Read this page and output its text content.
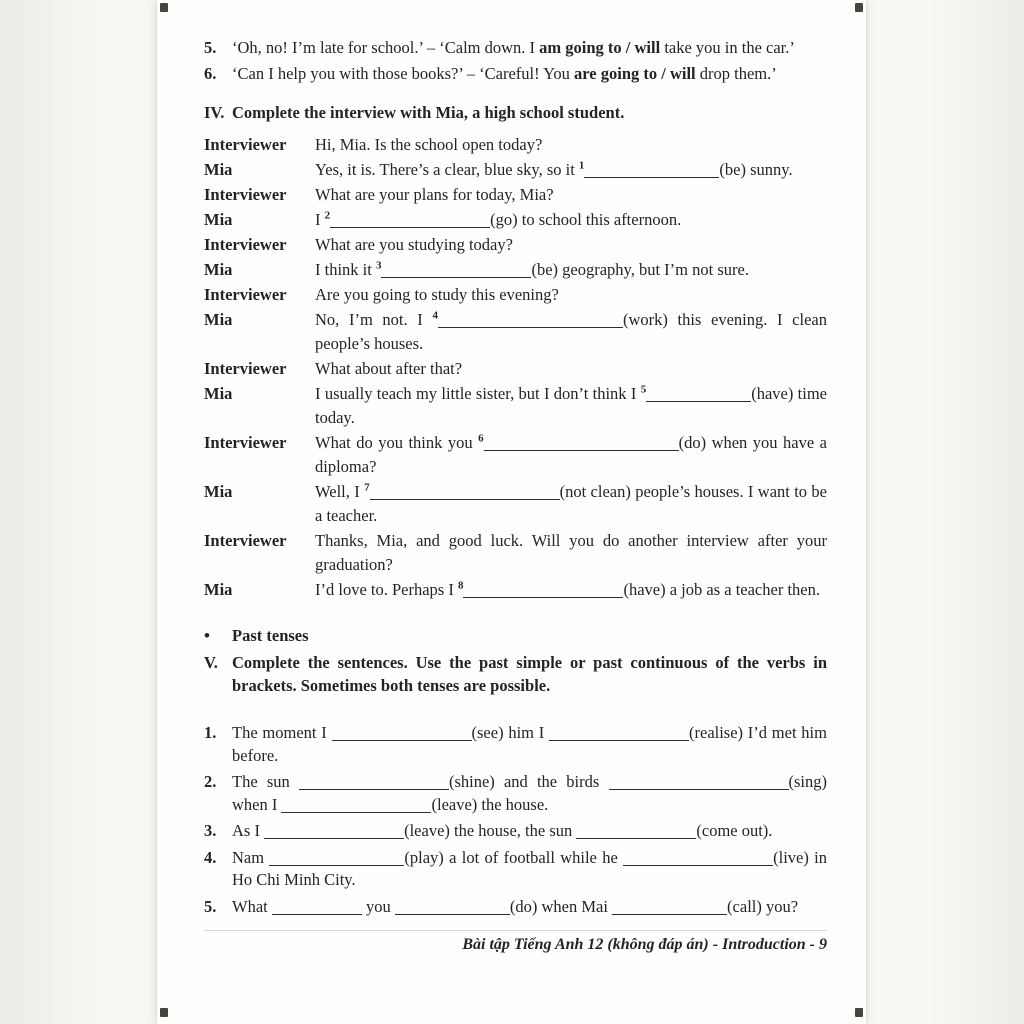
5. ‘Oh, no! I’m late for school.’ – ‘Calm down. I am going to / will take you in the car.’
6. ‘Can I help you with those books?’ – ‘Careful! You are going to / will drop them.’
IV. Complete the interview with Mia, a high school student.
Interviewer	Hi, Mia. Is the school open today?
Mia	Yes, it is. There’s a clear, blue sky, so it $^1$	(be) sunny.
Interviewer	What are your plans for today, Mia?
Mia	I $^2$	(go) to school this afternoon.
Interviewer	What are you studying today?
Mia	I think it $^3$	(be) geography, but I’m not sure.
Interviewer	Are you going to study this evening?
Mia	No, I’m not. I $^4$	(work) this evening. I clean people’s houses.
Interviewer	What about after that?
Mia	I usually teach my little sister, but I don’t think I $^5$	(have) time today.
Interviewer	What do you think you $^6$	(do) when you have a diploma?
Mia	Well, I $^7$	(not clean) people’s houses. I want to be a teacher.
Interviewer	Thanks, Mia, and good luck. Will you do another interview after your graduation?
Mia	I’d love to. Perhaps I $^8$	(have) a job as a teacher then.
•	Past tenses
V. Complete the sentences. Use the past simple or past continuous of the verbs in brackets. Sometimes both tenses are possible.
1. The moment I	(see) him I	(realise) I’d met him before.
2. The sun	(shine) and the birds	(sing) when I	(leave) the house.
3. As I	(leave) the house, the sun	(come out).
4. Nam	(play) a lot of football while he	(live) in Ho Chi Minh City.
5. What	you	(do) when Mai	(call) you?
Bài tập Tiếng Anh 12 (không đáp án) - Introduction - 9
